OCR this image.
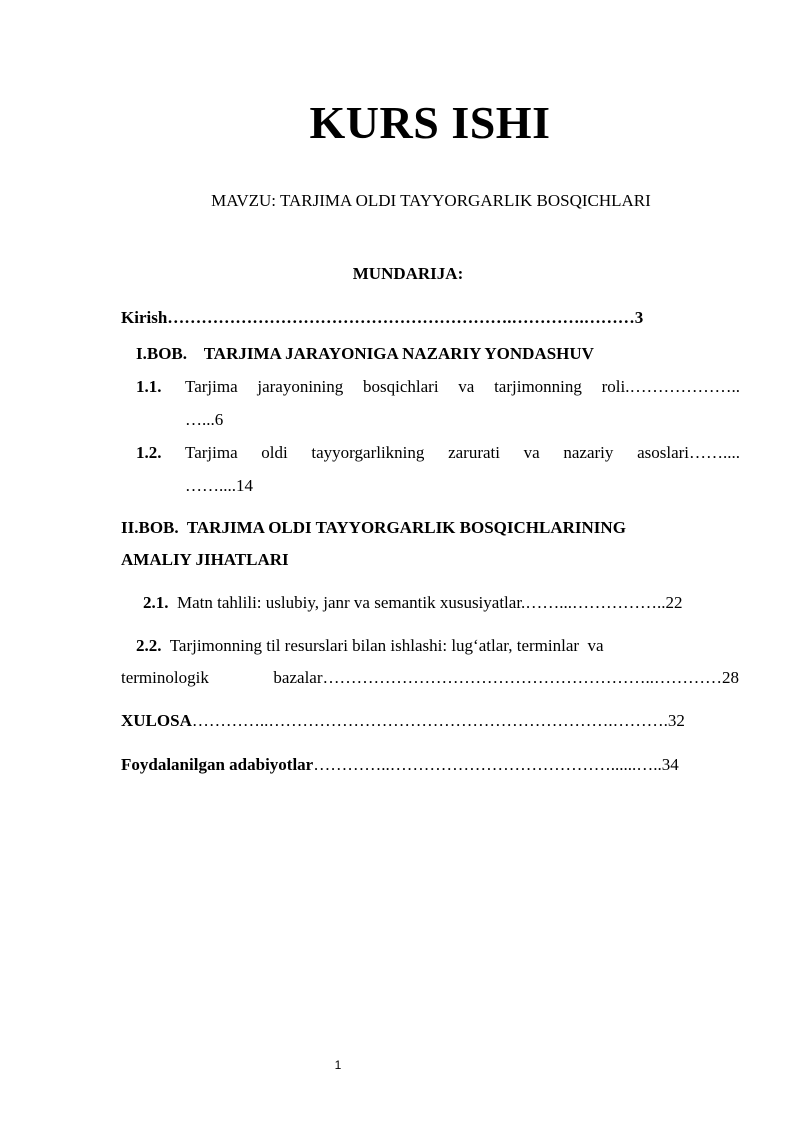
KURS ISHI
MAVZU: TARJIMA OLDI TAYYORGARLIK BOSQICHLARI
MUNDARIJA:
Kirish…………………………………………………….………….………3
I.BOB.    TARJIMA JARAYONIGA NAZARIY YONDASHUV
1.1. Tarjima jarayonining bosqichlari va tarjimonning roli.………………..
…...6
1.2. Tarjima oldi tayyorgarlikning zarurati va nazariy asoslari……....
……....14
II.BOB.  TARJIMA OLDI TAYYORGARLIK BOSQICHLARINING
AMALIY JIHATLARI
2.1. Matn tahlili: uslubiy, janr va semantik xususiyatlar.……...……………..22
2.2. Tarjimonning til resurslari bilan ishlashi: lug‘atlar, terminlar  va
terminologik bazalar…………………………………………………..…………28
XULOSA…………..…………………………………………………….……….32
Foydalanilgan adabiyotlar…………..…………………………………......…..34
1
